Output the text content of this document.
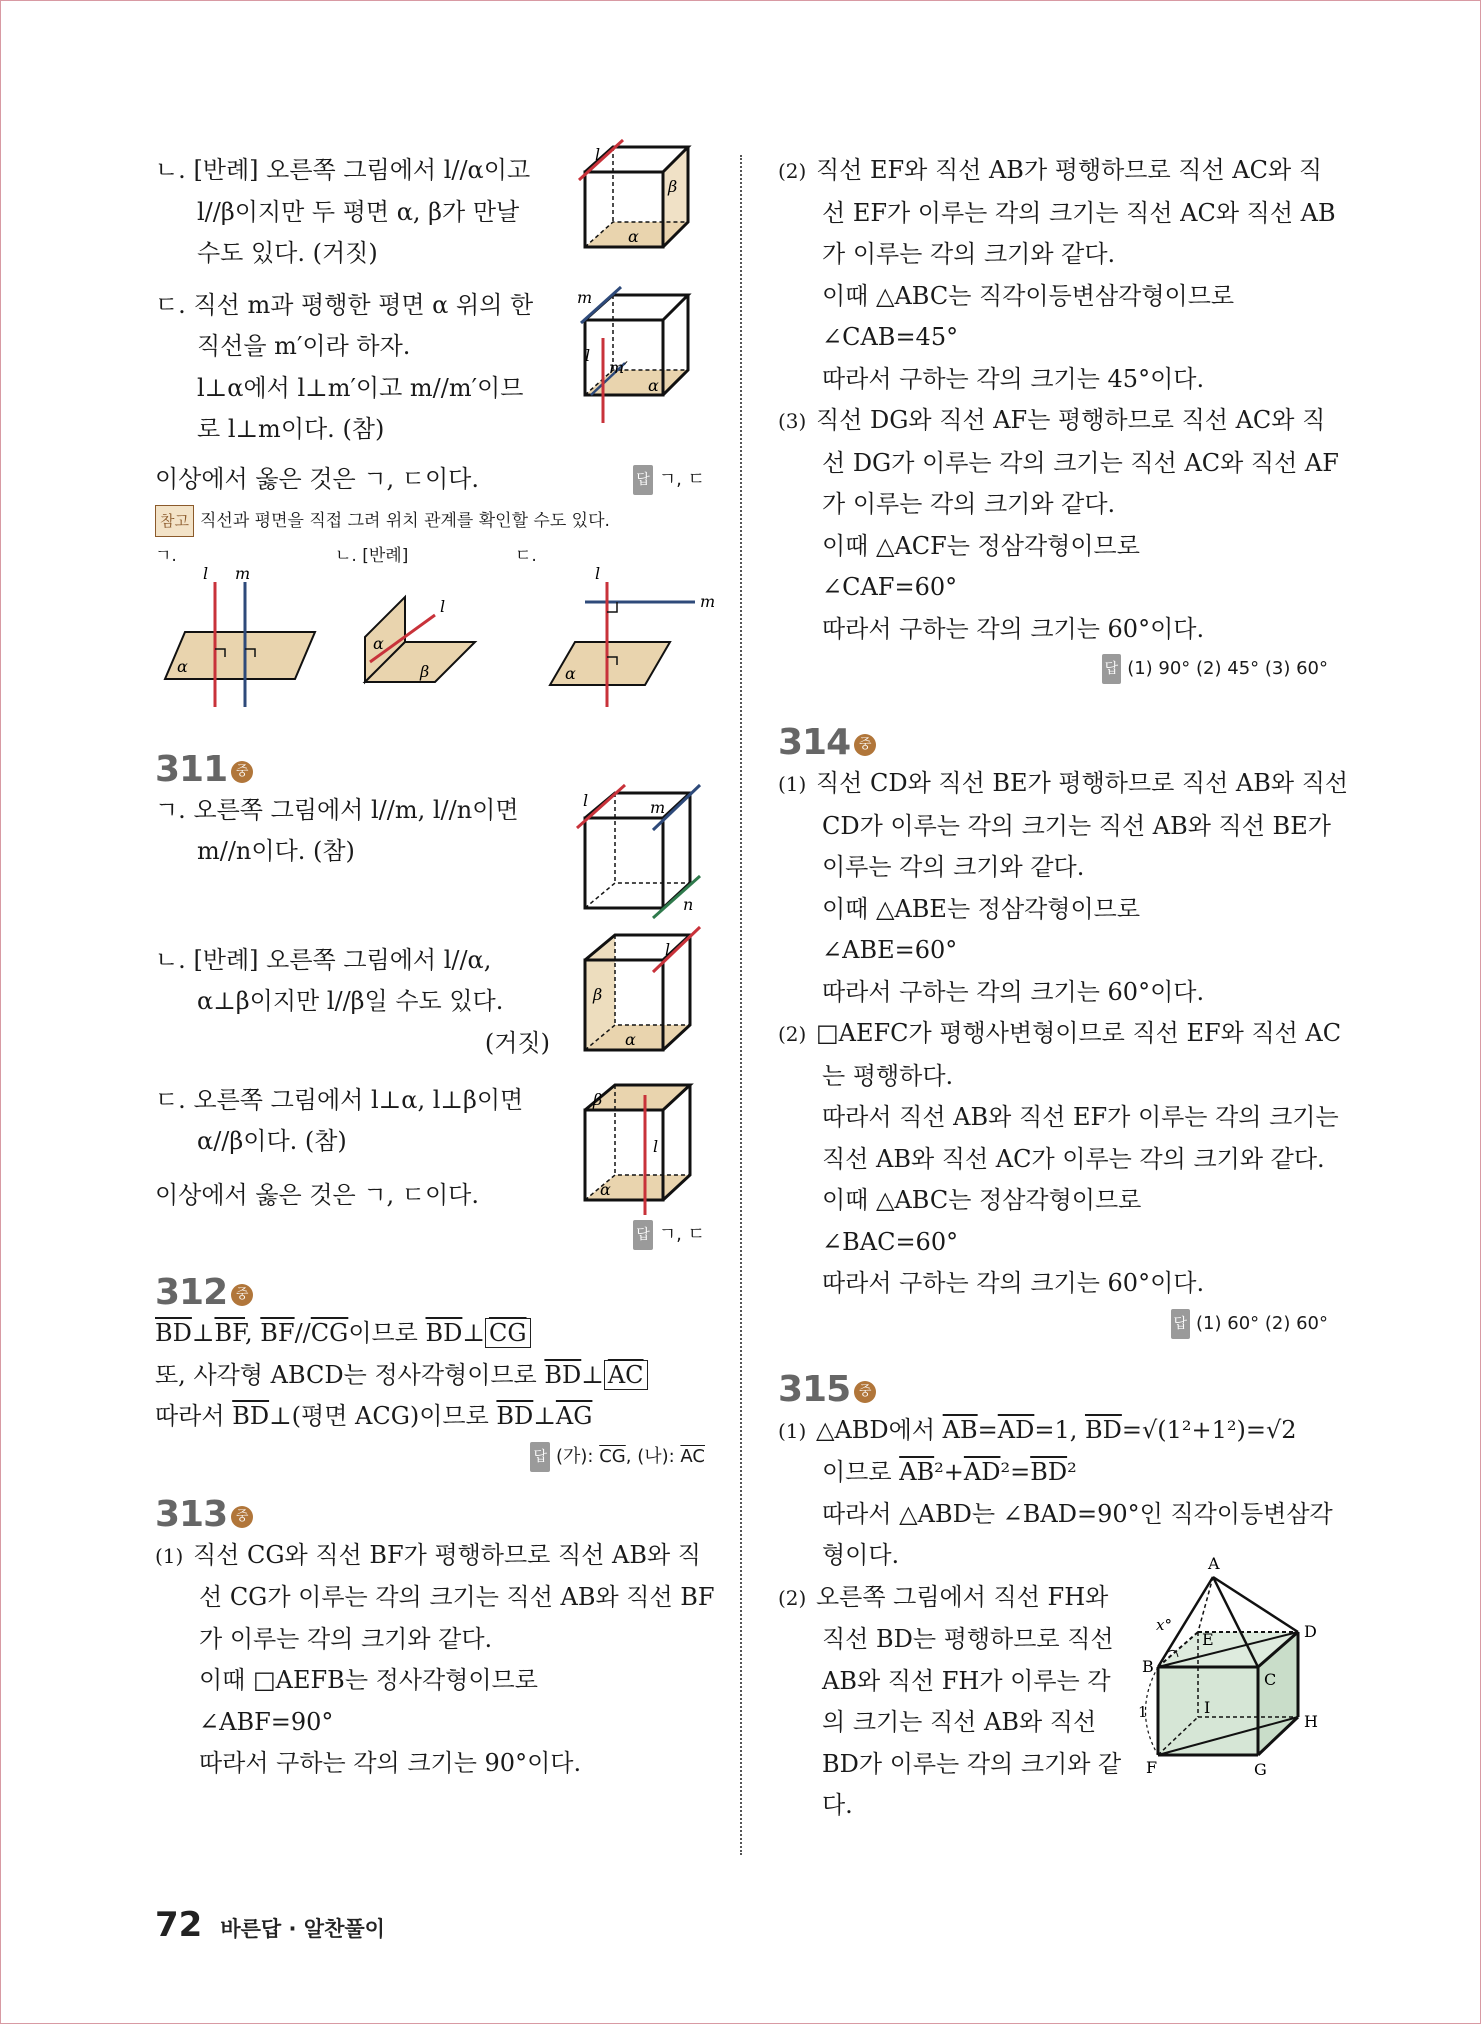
ㄴ. [반례] 오른쪽 그림에서 l//α이고

l//β이지만 두 평면 α, β가 만날

수도 있다. (거짓)

l
β
α

ㄷ. 직선 m과 평행한 평면 α 위의 한

직선을 m′이라 하자.

l⊥α에서 l⊥m′이고 m//m′이므

로 l⊥m이다. (참)

m
l
m′
α

이상에서 옳은 것은 ㄱ, ㄷ이다.	답 ㄱ, ㄷ

참고 직선과 평면을 직접 그려 위치 관계를 확인할 수도 있다.

ㄱ.	ㄴ. [반례]	ㄷ.
l m
α
l
α
β
l
m
α
311 중

ㄱ. 오른쪽 그림에서 l//m, l//n이면

m//n이다. (참)

l	m
n

ㄴ. [반례] 오른쪽 그림에서 l//α,

α⊥β이지만 l//β일 수도 있다.

(거짓)

l
β
α

ㄷ. 오른쪽 그림에서 l⊥α, l⊥β이면

α//β이다. (참)

β
l
α

이상에서 옳은 것은 ㄱ, ㄷ이다.

답 ㄱ, ㄷ

312 중

$\overline{BD}\perp\overline{BF}$, $\overline{BF}//\overline{CG}$이므로 $\overline{BD}\perp$ $\overline{CG}$

또, 사각형 ABCD는 정사각형이므로 $\overline{BD}\perp$ $\overline{AC}$

따라서 $\overline{BD}\perp$(평면 ACG)이므로 $\overline{BD}\perp\overline{AG}$

답 (가): $\overline{CG}$, (나): $\overline{AC}$

313 중

(1) 직선 CG와 직선 BF가 평행하므로 직선 AB와 직

선 CG가 이루는 각의 크기는 직선 AB와 직선 BF

가 이루는 각의 크기와 같다.

이때 □AEFB는 정사각형이므로

∠ABF=90°

따라서 구하는 각의 크기는 90°이다.

(2) 직선 EF와 직선 AB가 평행하므로 직선 AC와 직

선 EF가 이루는 각의 크기는 직선 AC와 직선 AB

가 이루는 각의 크기와 같다.

이때 △ABC는 직각이등변삼각형이므로

∠CAB=45°

따라서 구하는 각의 크기는 45°이다.

(3) 직선 DG와 직선 AF는 평행하므로 직선 AC와 직

선 DG가 이루는 각의 크기는 직선 AC와 직선 AF

가 이루는 각의 크기와 같다.

이때 △ACF는 정삼각형이므로

∠CAF=60°

따라서 구하는 각의 크기는 60°이다.

답 (1) 90° (2) 45° (3) 60°

314 중

(1) 직선 CD와 직선 BE가 평행하므로 직선 AB와 직선

CD가 이루는 각의 크기는 직선 AB와 직선 BE가

이루는 각의 크기와 같다.

이때 △ABE는 정삼각형이므로

∠ABE=60°

따라서 구하는 각의 크기는 60°이다.

(2) □AEFC가 평행사변형이므로 직선 EF와 직선 AC

는 평행하다.

따라서 직선 AB와 직선 EF가 이루는 각의 크기는

직선 AB와 직선 AC가 이루는 각의 크기와 같다.

이때 △ABC는 정삼각형이므로

∠BAC=60°

따라서 구하는 각의 크기는 60°이다.

답 (1) 60° (2) 60°

315 중

(1) △ABD에서 $\overline{AB}=\overline{AD}=1$, $\overline{BD}=√(1^2+1^2)=√2$

이므로 $\overline{AB}^2+\overline{AD}^2=\overline{BD}^2$

따라서 △ABD는 ∠BAD=90°인 직각이등변삼각

형이다.

(2) 오른쪽 그림에서 직선 FH와

직선 BD는 평행하므로 직선

AB와 직선 FH가 이루는 각

의 크기는 직선 AB와 직선

BD가 이루는 각의 크기와 같

다.

A
B
C
D
E
F	G
H
I
x°
1
72 바른답 · 알찬풀이
